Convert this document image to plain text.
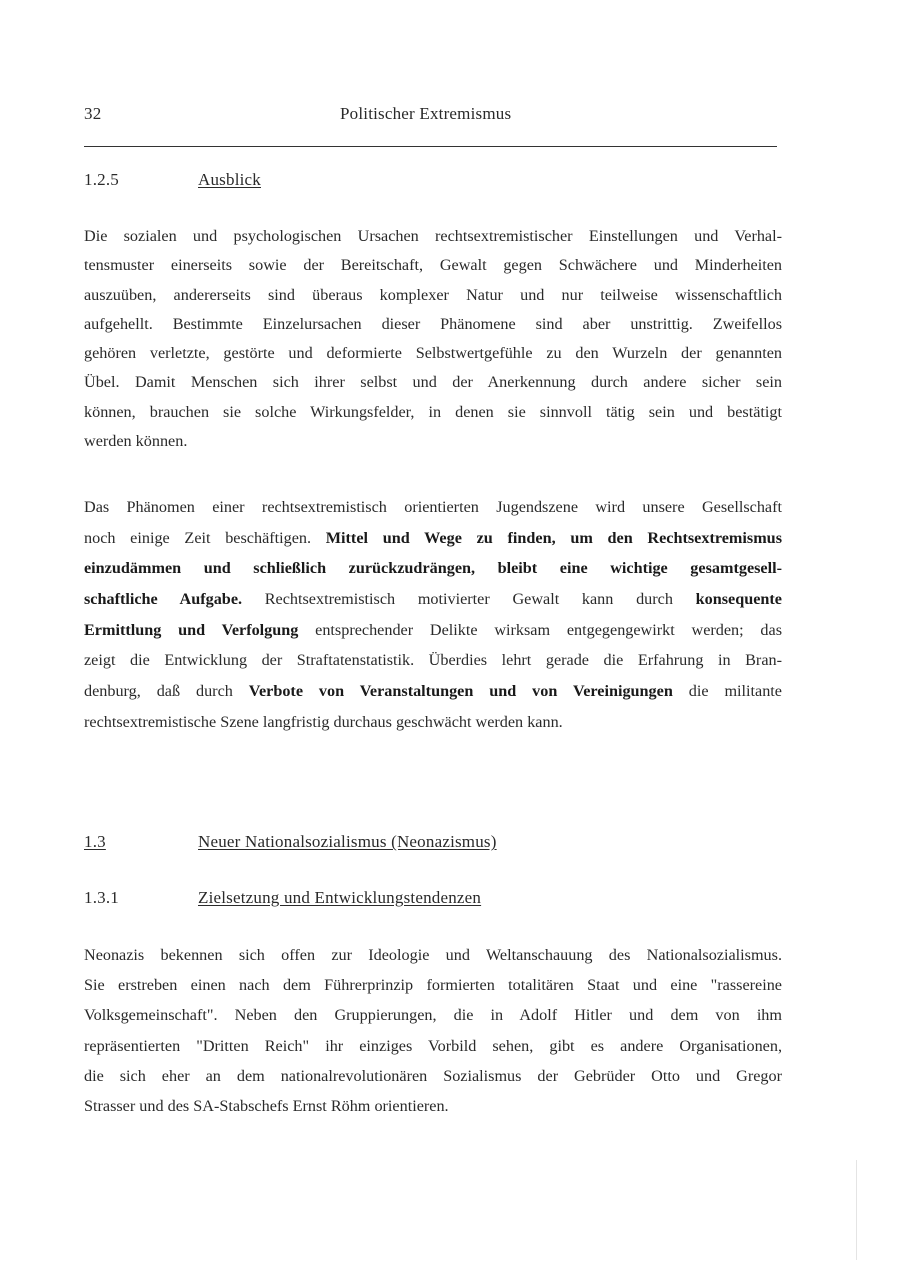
32	Politischer Extremismus
1.2.5	Ausblick

Die sozialen und psychologischen Ursachen rechtsextremistischer Einstellungen und Verhal-
tensmuster einerseits sowie der Bereitschaft, Gewalt gegen Schwächere und Minderheiten
auszuüben, andererseits sind überaus komplexer Natur und nur teilweise wissenschaftlich
aufgehellt. Bestimmte Einzelursachen dieser Phänomene sind aber unstrittig. Zweifellos
gehören verletzte, gestörte und deformierte Selbstwertgefühle zu den Wurzeln der genannten
Übel. Damit Menschen sich ihrer selbst und der Anerkennung durch andere sicher sein
können, brauchen sie solche Wirkungsfelder, in denen sie sinnvoll tätig sein und bestätigt
werden können.

Das Phänomen einer rechtsextremistisch orientierten Jugendszene wird unsere Gesellschaft
noch einige Zeit beschäftigen. Mittel und Wege zu finden, um den Rechtsextremismus
einzudämmen und schließlich zurückzudrängen, bleibt eine wichtige gesamtgesell-
schaftliche Aufgabe. Rechtsextremistisch motivierter Gewalt kann durch konsequente
Ermittlung und Verfolgung entsprechender Delikte wirksam entgegengewirkt werden; das
zeigt die Entwicklung der Straftatenstatistik. Überdies lehrt gerade die Erfahrung in Bran-
denburg, daß durch Verbote von Veranstaltungen und von Vereinigungen die militante
rechtsextremistische Szene langfristig durchaus geschwächt werden kann.

1.3	Neuer Nationalsozialismus (Neonazismus)
1.3.1	Zielsetzung und Entwicklungstendenzen

Neonazis bekennen sich offen zur Ideologie und Weltanschauung des Nationalsozialismus.
Sie erstreben einen nach dem Führerprinzip formierten totalitären Staat und eine "rassereine
Volksgemeinschaft". Neben den Gruppierungen, die in Adolf Hitler und dem von ihm
repräsentierten "Dritten Reich" ihr einziges Vorbild sehen, gibt es andere Organisationen,
die sich eher an dem nationalrevolutionären Sozialismus der Gebrüder Otto und Gregor
Strasser und des SA-Stabschefs Ernst Röhm orientieren.
